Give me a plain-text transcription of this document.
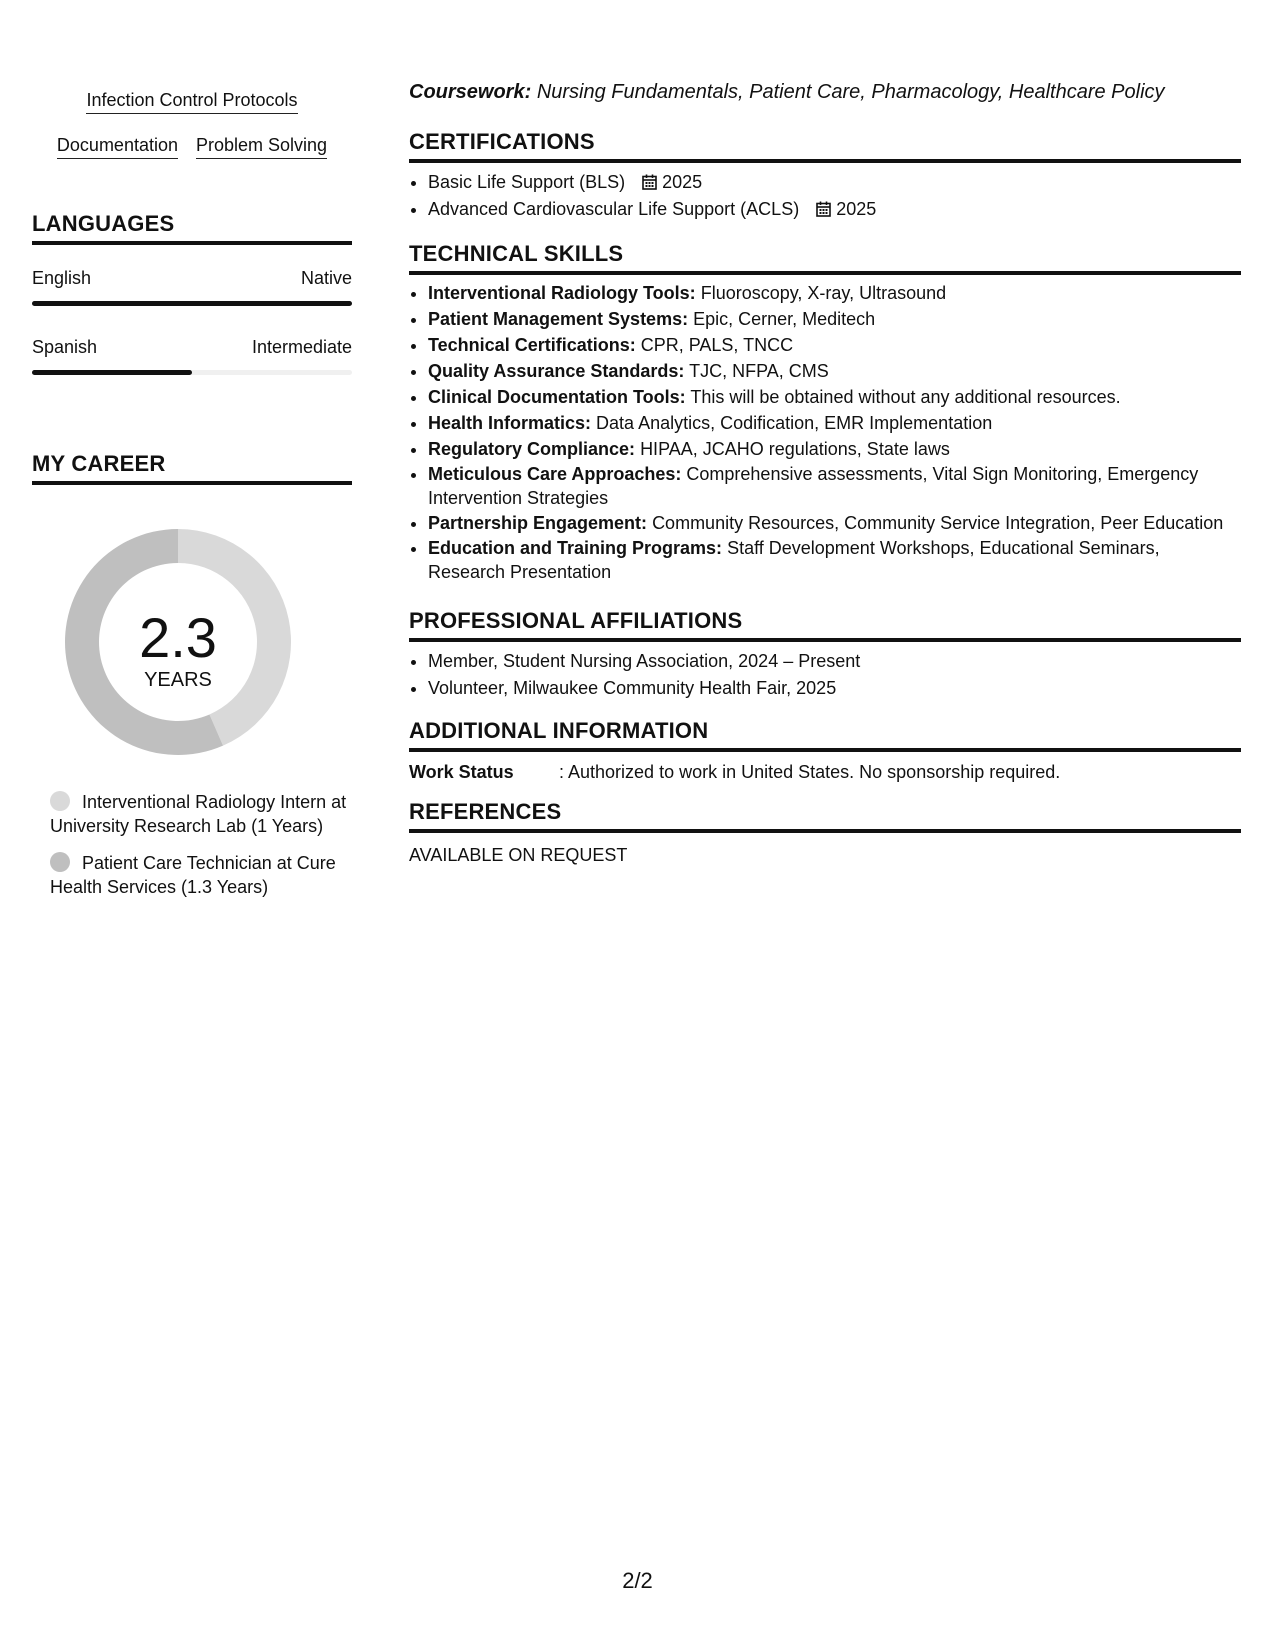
Infection Control Protocols
Documentation Problem Solving
LANGUAGES
English	Native
Spanish	Intermediate
MY CAREER
2.3
YEARS
Interventional Radiology Intern at University Research Lab (1 Years)
Patient Care Technician at Cure Health Services (1.3 Years)
Coursework: Nursing Fundamentals, Patient Care, Pharmacology, Healthcare Policy
CERTIFICATIONS
• Basic Life Support (BLS) 2025
• Advanced Cardiovascular Life Support (ACLS) 2025
TECHNICAL SKILLS
• Interventional Radiology Tools: Fluoroscopy, X-ray, Ultrasound
• Patient Management Systems: Epic, Cerner, Meditech
• Technical Certifications: CPR, PALS, TNCC
• Quality Assurance Standards: TJC, NFPA, CMS
• Clinical Documentation Tools: This will be obtained without any additional resources.
• Health Informatics: Data Analytics, Codification, EMR Implementation
• Regulatory Compliance: HIPAA, JCAHO regulations, State laws
• Meticulous Care Approaches: Comprehensive assessments, Vital Sign Monitoring, Emergency Intervention Strategies
• Partnership Engagement: Community Resources, Community Service Integration, Peer Education
• Education and Training Programs: Staff Development Workshops, Educational Seminars, Research Presentation
PROFESSIONAL AFFILIATIONS
• Member, Student Nursing Association, 2024 – Present
• Volunteer, Milwaukee Community Health Fair, 2025
ADDITIONAL INFORMATION
Work Status	: Authorized to work in United States. No sponsorship required.
REFERENCES
AVAILABLE ON REQUEST
2/2
